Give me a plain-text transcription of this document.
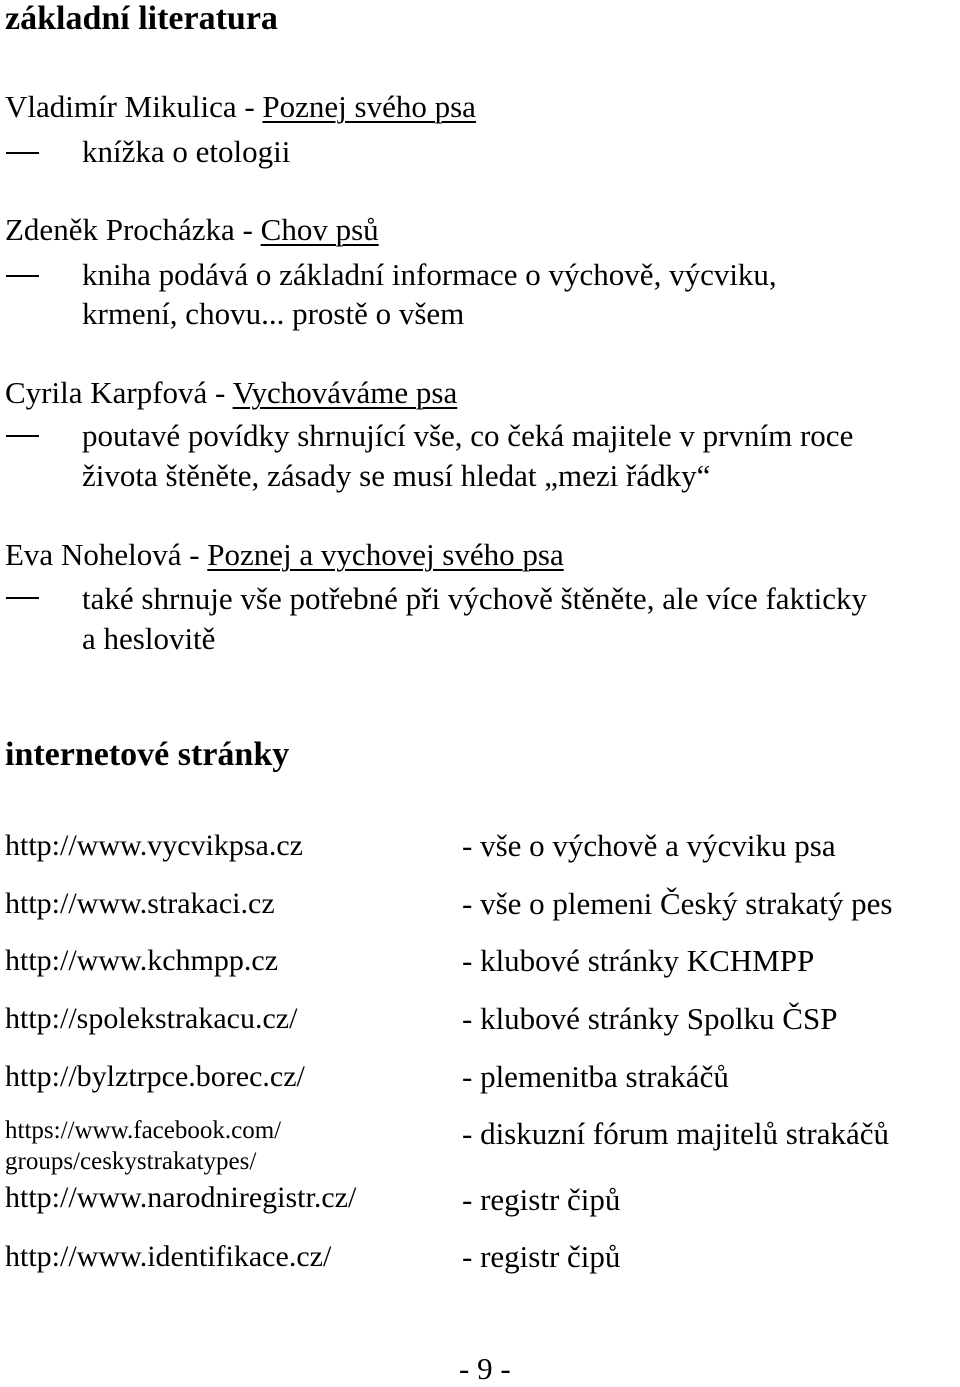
základní literatura
Vladimír Mikulica - Poznej svého psa
knížka o etologii
Zdeněk Procházka - Chov psů
kniha podává o základní informace o výchově, výcviku,
krmení, chovu... prostě o všem
Cyrila Karpfová - Vychováváme psa
poutavé povídky shrnující vše, co čeká majitele v prvním roce
života štěněte, zásady se musí hledat „mezi řádky“
Eva Nohelová - Poznej a vychovej svého psa
také shrnuje vše potřebné při výchově štěněte, ale více fakticky
a heslovitě
internetové stránky
http://www.vycvikpsa.cz
http://www.strakaci.cz
http://www.kchmpp.cz
http://spolekstrakacu.cz/
http://bylztrpce.borec.cz/
https://www.facebook.com/
groups/ceskystrakatypes/
http://www.narodniregistr.cz/
http://www.identifikace.cz/
- vše o výchově a výcviku psa
- vše o plemeni Český strakatý pes
- klubové stránky KCHMPP
- klubové stránky Spolku ČSP
- plemenitba strakáčů
- diskuzní fórum majitelů strakáčů
- registr čipů
- registr čipů
- 9 -
